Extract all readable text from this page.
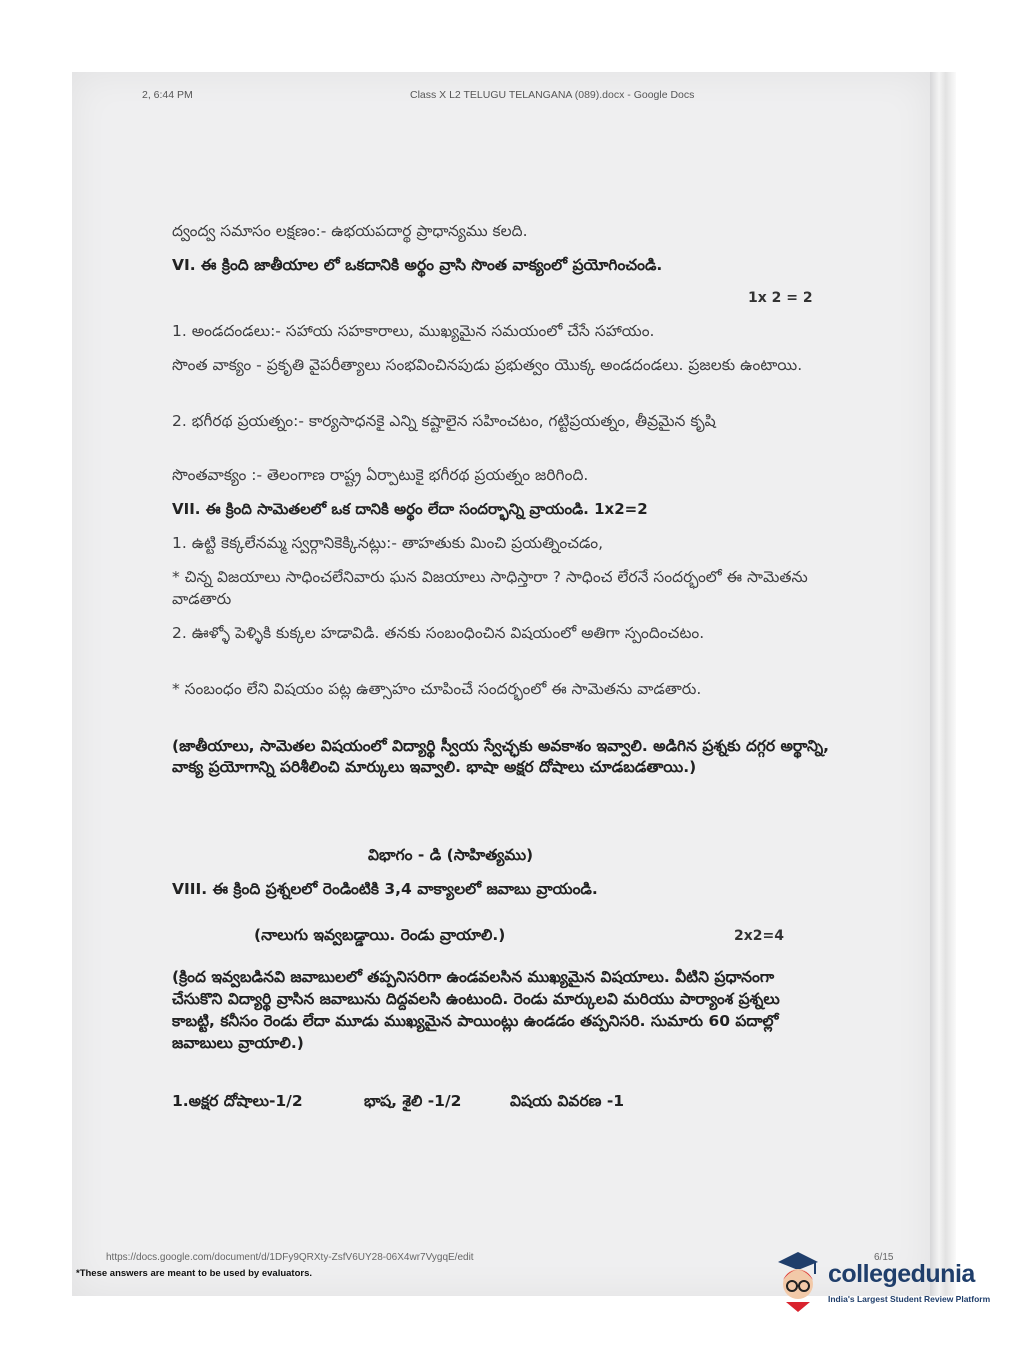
2, 6:44 PM	Class X L2 TELUGU TELANGANA (089).docx - Google Docs
ద్వంద్వ సమాసం లక్షణం:- ఉభయపదార్థ ప్రాధాన్యము కలది.
VI. ఈ క్రింది జాతీయాల లో ఒకదానికి అర్థం వ్రాసి సొంత వాక్యంలో ప్రయోగించండి.
1x 2 = 2
1. అండదండలు:- సహాయ సహకారాలు, ముఖ్యమైన సమయంలో చేసే సహాయం.
సొంత వాక్యం - ప్రకృతి వైపరీత్యాలు సంభవించినపుడు ప్రభుత్వం యొక్క అండదండలు. ప్రజలకు ఉంటాయి.
2. భగీరథ ప్రయత్నం:- కార్యసాధనకై ఎన్ని కష్టాలైన సహించటం, గట్టిప్రయత్నం, తీవ్రమైన కృషి
సొంతవాక్యం :- తెలంగాణ రాష్ట్ర ఏర్పాటుకై భగీరథ ప్రయత్నం జరిగింది.
VII. ఈ క్రింది సామెతలలో ఒక దానికి అర్థం లేదా సందర్భాన్ని వ్రాయండి. 1x2=2
1. ఉట్టి కెక్కలేనమ్మ స్వర్గానికెక్కినట్లు:- తాహతుకు మించి ప్రయత్నించడం,
* చిన్న విజయాలు సాధించలేనివారు ఘన విజయాలు సాధిస్తారా ? సాధించ లేరనే సందర్భంలో ఈ సామెతను వాడతారు
2. ఊళ్ళో పెళ్ళికి కుక్కల హడావిడి. తనకు సంబంధించిన విషయంలో అతిగా స్పందించటం.
* సంబంధం లేని విషయం పట్ల ఉత్సాహం చూపించే సందర్భంలో ఈ సామెతను వాడతారు.
(జాతీయాలు, సామెతల విషయంలో విద్యార్థి స్వీయ స్వేచ్ఛకు అవకాశం ఇవ్వాలి. అడిగిన ప్రశ్నకు దగ్గర అర్థాన్ని, వాక్య ప్రయోగాన్ని పరిశీలించి మార్కులు ఇవ్వాలి. భాషా అక్షర దోషాలు చూడబడతాయి.)
విభాగం - డి (సాహిత్యము)
VIII. ఈ క్రింది ప్రశ్నలలో రెండింటికి 3,4 వాక్యాలలో జవాబు వ్రాయండి.
(నాలుగు ఇవ్వబడ్డాయి. రెండు వ్రాయాలి.)	2x2=4
(క్రింద ఇవ్వబడినవి జవాబులలో తప్పనిసరిగా ఉండవలసిన ముఖ్యమైన విషయాలు. వీటిని ప్రధానంగా చేసుకొని విద్యార్థి వ్రాసిన జవాబును దిద్దవలసి ఉంటుంది. రెండు మార్కులవి మరియు పార్యాంశ ప్రశ్నలు కాబట్టి, కనీసం రెండు లేదా మూడు ముఖ్యమైన పాయింట్లు ఉండడం తప్పనిసరి. సుమారు 60 పదాల్లో జవాబులు వ్రాయాలి.)
1.అక్షర దోషాలు-1/2	భాష, శైలి -1/2	విషయ వివరణ -1
https://docs.google.com/document/d/1DFy9QRXty-ZsfV6UY28-06X4wr7VygqE/edit	6/15
*These answers are meant to be used by evaluators.	collegedunia
India's Largest Student Review Platform
